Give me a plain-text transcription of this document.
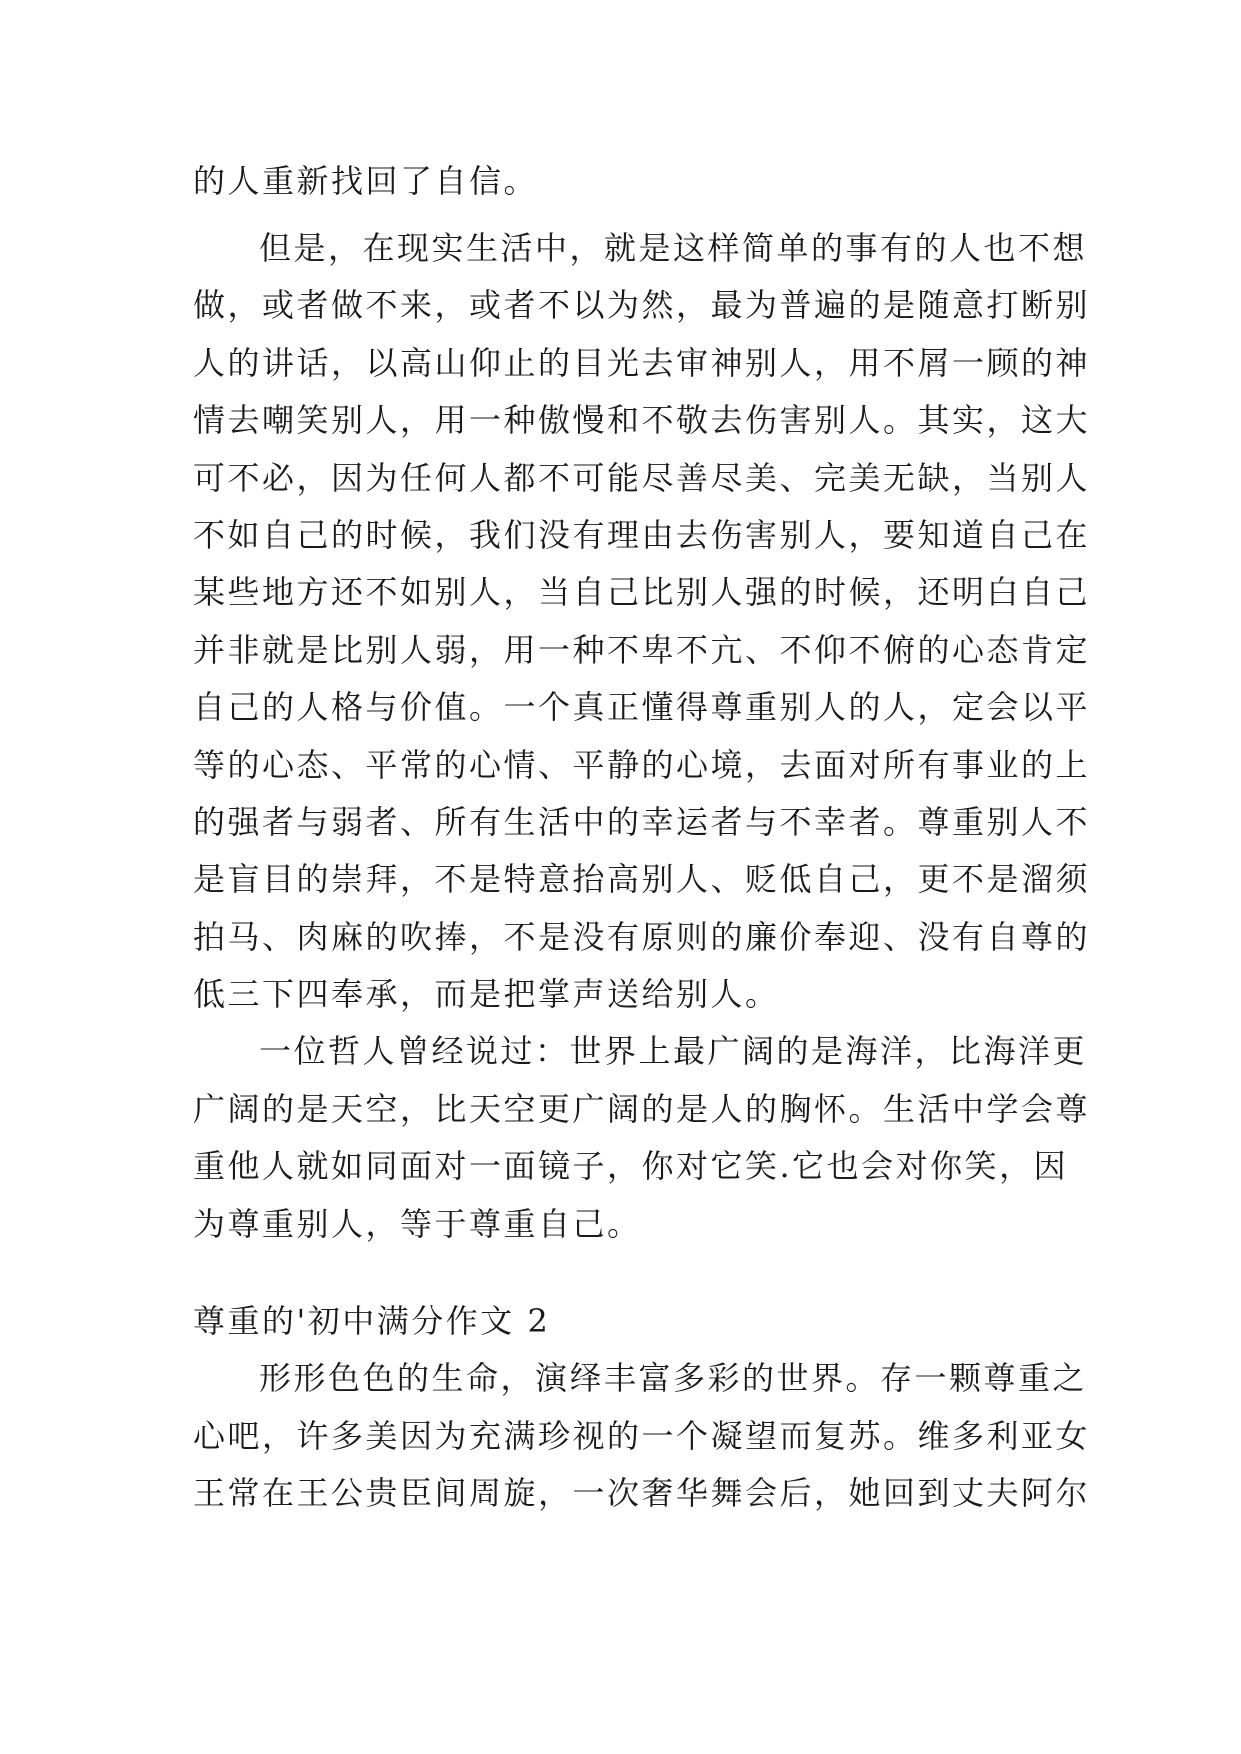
的人重新找回了自信。
但是，在现实生活中，就是这样简单的事有的人也不想
做，或者做不来，或者不以为然，最为普遍的是随意打断别
人的讲话，以高山仰止的目光去审神别人，用不屑一顾的神
情去嘲笑别人，用一种傲慢和不敬去伤害别人。其实，这大
可不必，因为任何人都不可能尽善尽美、完美无缺，当别人
不如自己的时候，我们没有理由去伤害别人，要知道自己在
某些地方还不如别人，当自己比别人强的时候，还明白自己
并非就是比别人弱，用一种不卑不亢、不仰不俯的心态肯定
自己的人格与价值。一个真正懂得尊重别人的人，定会以平
等的心态、平常的心情、平静的心境，去面对所有事业的上
的强者与弱者、所有生活中的幸运者与不幸者。尊重别人不
是盲目的崇拜，不是特意抬高别人、贬低自己，更不是溜须
拍马、肉麻的吹捧，不是没有原则的廉价奉迎、没有自尊的
低三下四奉承，而是把掌声送给别人。
一位哲人曾经说过：世界上最广阔的是海洋，比海洋更
广阔的是天空，比天空更广阔的是人的胸怀。生活中学会尊
重他人就如同面对一面镜子，你对它笑.它也会对你笑，因
为尊重别人，等于尊重自己。
尊重的'初中满分作文 2
形形色色的生命，演绎丰富多彩的世界。存一颗尊重之
心吧，许多美因为充满珍视的一个凝望而复苏。维多利亚女
王常在王公贵臣间周旋，一次奢华舞会后，她回到丈夫阿尔
